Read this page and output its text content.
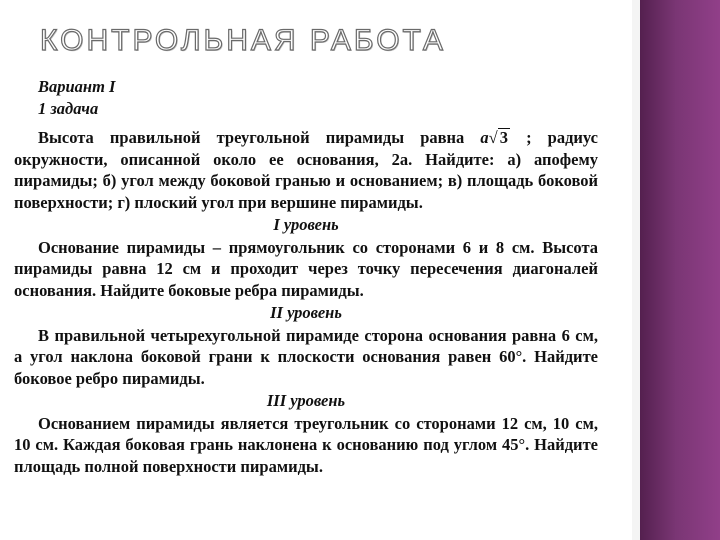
КОНТРОЛЬНАЯ РАБОТА
Вариант I
1 задача

Высота правильной треугольной пирамиды равна a√ 3 ; радиус окружности, описанной около ее основания, 2a. Найдите: а) апофему пирамиды; б) угол между боковой гранью и основанием; в) площадь боковой поверхности; г) плоский угол при вершине пирамиды.

I уровень

Основание пирамиды – прямоугольник со сторонами 6 и 8 см. Высота пирамиды равна 12 см и проходит через точку пересечения диагоналей основания. Найдите боковые ребра пирамиды.

II уровень

В правильной четырехугольной пирамиде сторона основания равна 6 см, а угол наклона боковой грани к плоскости основания равен 60°. Найдите боковое ребро пирамиды.

III уровень

Основанием пирамиды является треугольник со сторонами 12 см, 10 см, 10 см. Каждая боковая грань наклонена к основанию под углом 45°. Найдите площадь полной поверхности пирамиды.
